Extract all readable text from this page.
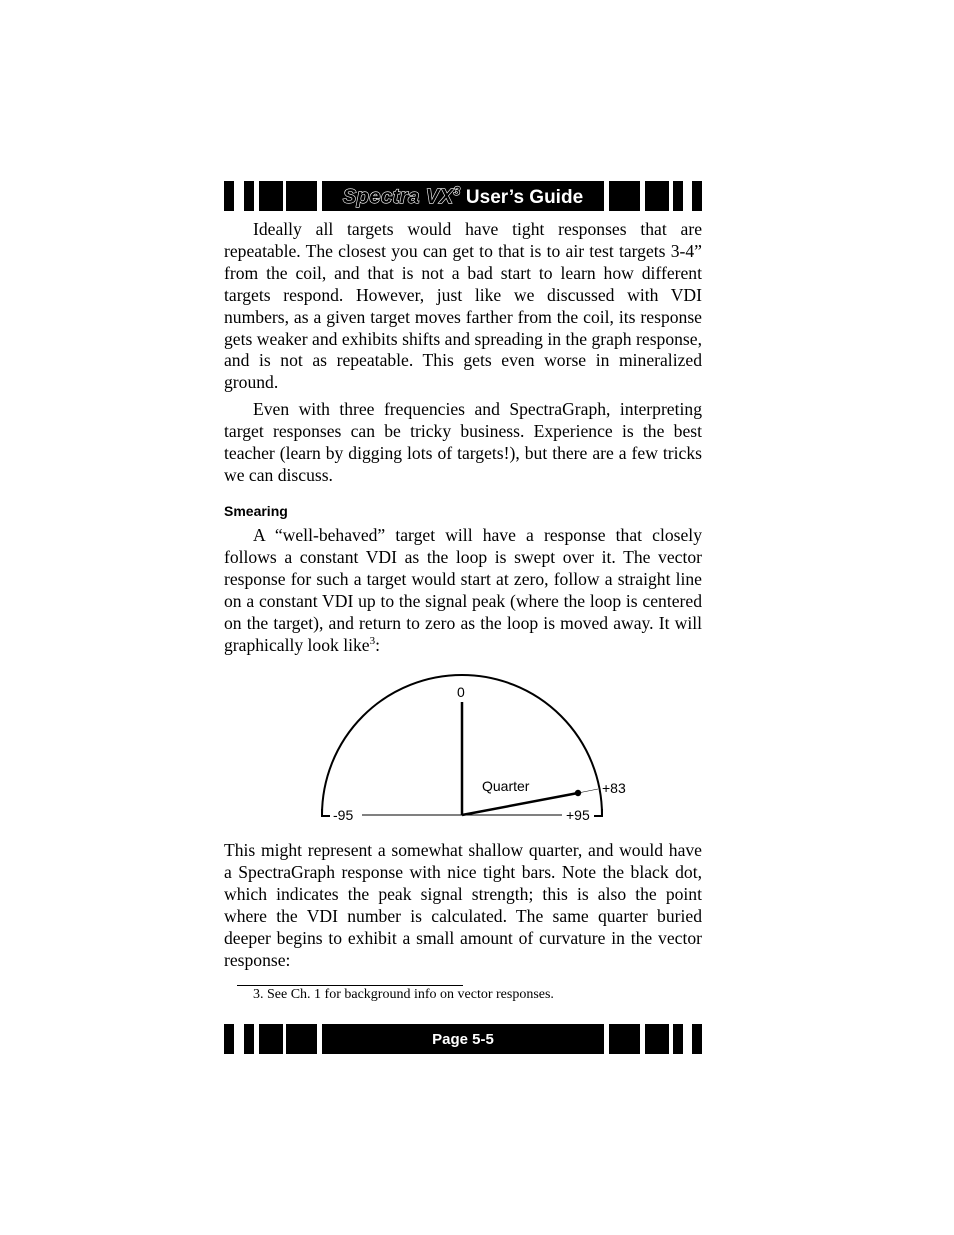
Spectra $VX^3$ User’s Guide

Ideally all targets would have tight responses that are repeatable. The closest you can get to that is to air test targets 3-4” from the coil, and that is not a bad start to learn how different targets respond. However, just like we discussed with VDI numbers, as a given target moves farther from the coil, its response gets weaker and exhibits shifts and spreading in the graph response, and is not as repeatable. This gets even worse in mineralized ground.

Even with three frequencies and SpectraGraph, interpreting target responses can be tricky business. Experience is the best teacher (learn by digging lots of targets!), but there are a few tricks we can discuss.

Smearing

A “well-behaved” target will have a response that closely follows a constant VDI as the loop is swept over it. The vector response for such a target would start at zero, follow a straight line on a constant VDI up to the signal peak (where the loop is centered on the target), and return to zero as the loop is moved away. It will graphically look like$^3$:

0
-95	+95
+83
Quarter

This might represent a somewhat shallow quarter, and would have a SpectraGraph response with nice tight bars. Note the black dot, which indicates the peak signal strength; this is also the point where the VDI number is calculated. The same quarter buried deeper begins to exhibit a small amount of curvature in the vector response:

3. See Ch. 1 for background info on vector responses.
Page 5-5
